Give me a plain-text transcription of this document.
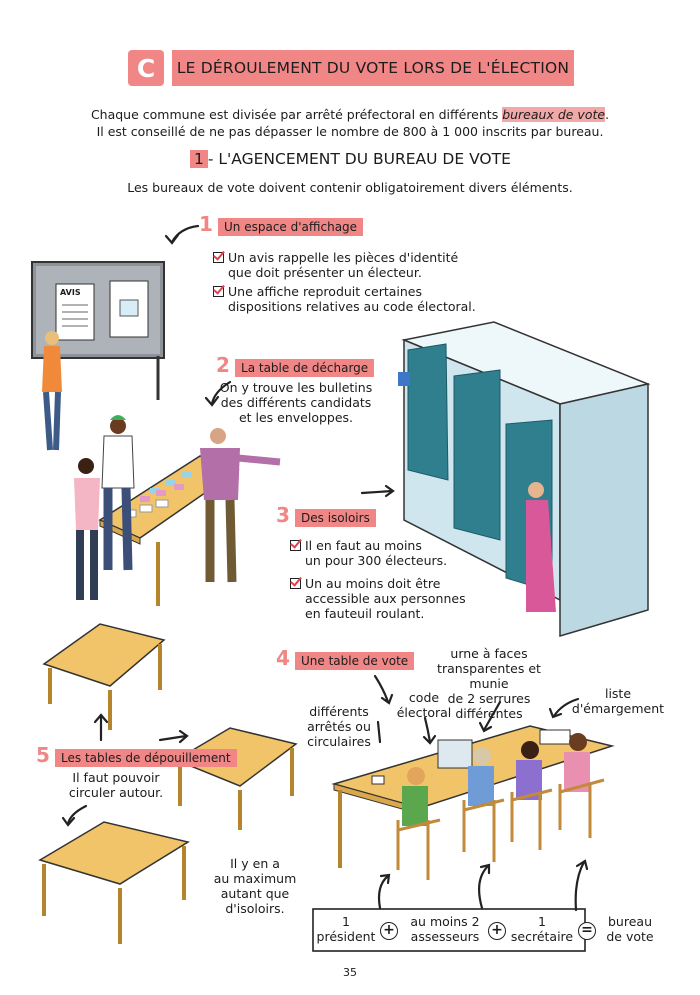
C	LE DÉROULEMENT DU VOTE LORS DE L'ÉLECTION
Chaque commune est divisée par arrêté préfectoral en différents bureaux de vote.
Il est conseillé de ne pas dépasser le nombre de 800 à 1 000 inscrits par bureau.
1 - L'AGENCEMENT DU BUREAU DE VOTE
Les bureaux de vote doivent contenir obligatoirement divers éléments.
1 Un espace d'affichage
Un avis rappelle les pièces d'identité
que doit présenter un électeur.
Une affiche reproduit certaines
dispositions relatives au code électoral.
AVIS
2 La table de décharge
On y trouve les bulletins
des différents candidats
et les enveloppes.
3 Des isoloirs
Il en faut au moins
un pour 300 électeurs.
Un au moins doit être
accessible aux personnes
en fauteuil roulant.
4 Une table de vote	urne à faces
transparentes et munie
de 2 serrures
différentes
code
électoral
différents
arrêtés ou
circulaires
liste
d'émargement
5 Les tables de dépouillement
Il faut pouvoir
circuler autour.
Il y en a
au maximum
autant que
d'isoloirs.
1
président +
au moins 2
assesseurs +
1
secrétaire =
bureau
de vote
35
